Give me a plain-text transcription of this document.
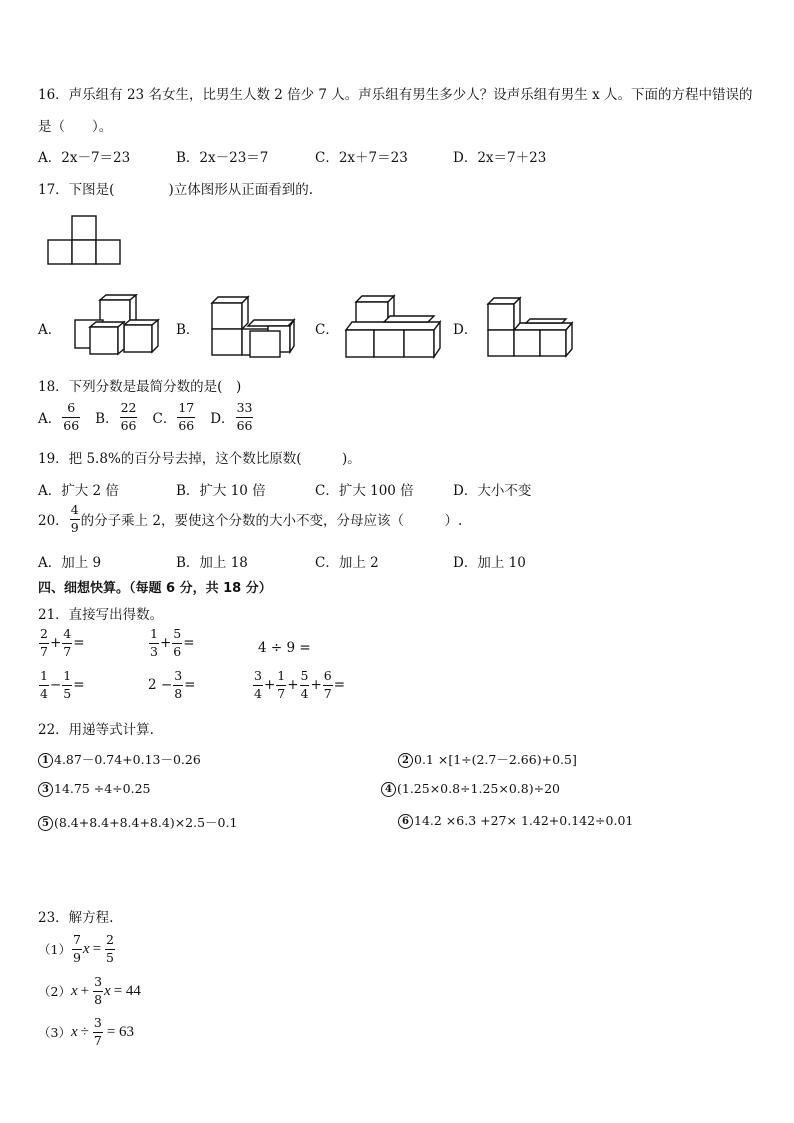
16．声乐组有 23 名女生，比男生人数 2 倍少 7 人。声乐组有男生多少人？设声乐组有男生 x 人。下面的方程中错误的
是（　　）。
A．2x－7＝23	B．2x－23＝7	C．2x＋7＝23	D．2x＝7＋23
17．下图是(　　　　)立体图形从正面看到的.
A．	B．	C．	D．
18．下列分数是最简分数的是(　)
A． $\frac{6}{66}$ B． $\frac{22}{66}$ C． $\frac{17}{66}$ D． $\frac{33}{66}$
19．把 5.8%的百分号去掉，这个数比原数(　　　)。
A．扩大 2 倍	B．扩大 10 倍	C．扩大 100 倍	D．大小不变
20． $\frac{4}{9}$ 的分子乘上 2，要使这个分数的大小不变，分母应该（　　　）.
A．加上 9	B．加上 18	C．加上 2	D．加上 10
四、细想快算。（每题 6 分，共 18 分）
21．直接写出得数。
$\frac{2}{7} + \frac{4}{7}$ =	$\frac{1}{3} + \frac{5}{6}$ =	4 ÷ 9 =
$\frac{1}{4} - \frac{1}{5}$ =	$2 - \frac{3}{8}$ =	$\frac{3}{4} + \frac{1}{7} + \frac{5}{4} + \frac{6}{7}$ =
22．用递等式计算.
1 4.87－0.74+0.13－0.26	2 0.1 ×[1÷(2.7－2.66)+0.5]
3 14.75 ÷4÷0.25	4 (1.25×0.8÷1.25×0.8)÷20
5 (8.4+8.4+8.4+8.4)×2.5－0.1	6 14.2 ×6.3 +27× 1.42+0.142÷0.01
23．解方程.
$(1) \frac{7}{9}$ $x = \frac{2}{5}$
（2） $x + \frac{3}{8}$ x = 44
（3） $x \div \frac{3}{7} = 63$
